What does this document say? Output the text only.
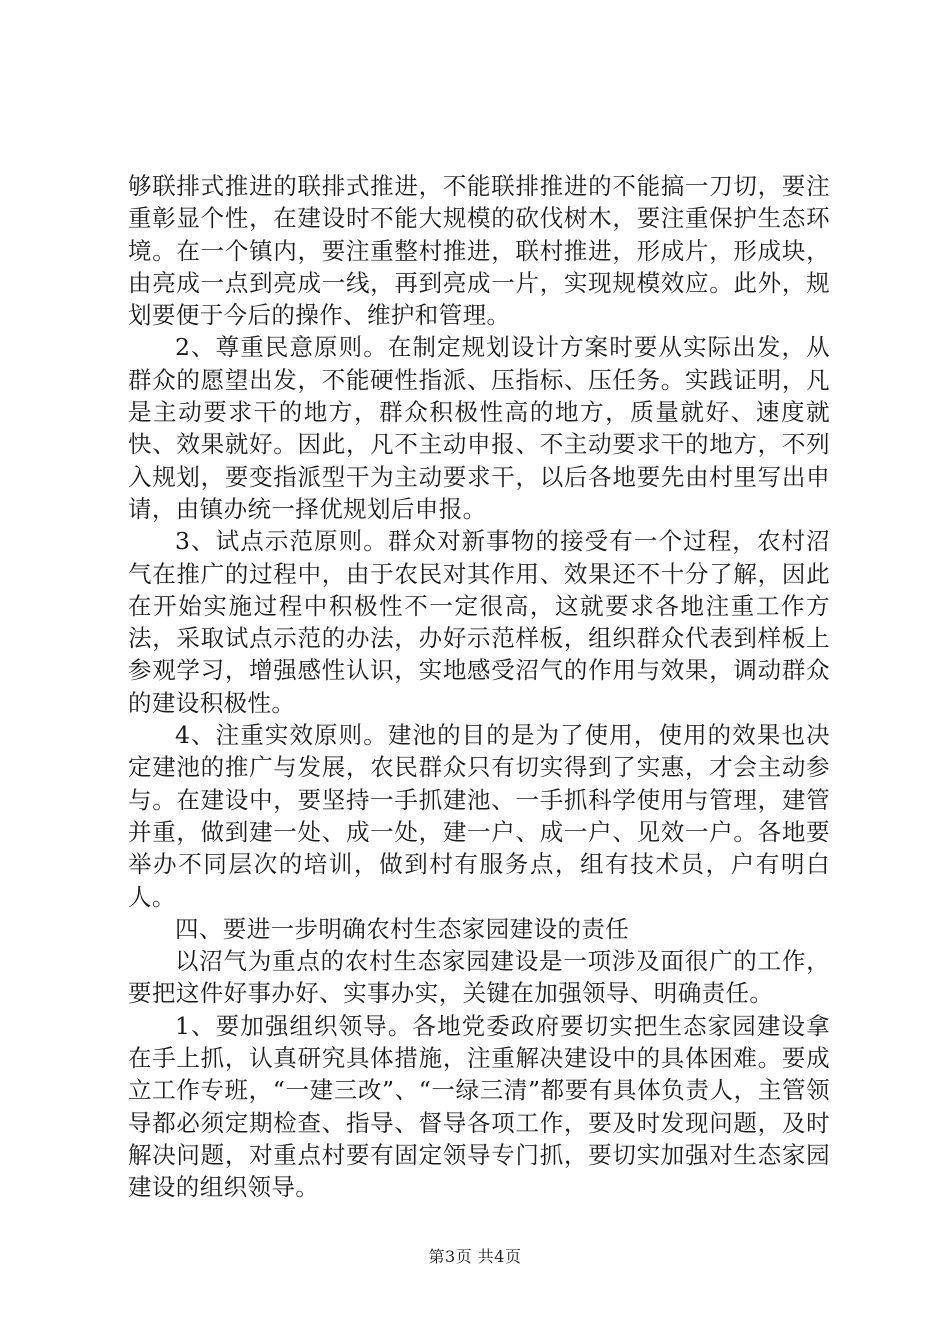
够联排式推进的联排式推进，不能联排推进的不能搞一刀切，要注重彰显个性，在建设时不能大规模的砍伐树木，要注重保护生态环境。在一个镇内，要注重整村推进，联村推进，形成片，形成块，由亮成一点到亮成一线，再到亮成一片，实现规模效应。此外，规划要便于今后的操作、维护和管理。

2、尊重民意原则。在制定规划设计方案时要从实际出发，从群众的愿望出发，不能硬性指派、压指标、压任务。实践证明，凡是主动要求干的地方，群众积极性高的地方，质量就好、速度就快、效果就好。因此，凡不主动申报、不主动要求干的地方，不列入规划，要变指派型干为主动要求干，以后各地要先由村里写出申请，由镇办统一择优规划后申报。

3、试点示范原则。群众对新事物的接受有一个过程，农村沼气在推广的过程中，由于农民对其作用、效果还不十分了解，因此在开始实施过程中积极性不一定很高，这就要求各地注重工作方法，采取试点示范的办法，办好示范样板，组织群众代表到样板上参观学习，增强感性认识，实地感受沼气的作用与效果，调动群众的建设积极性。

4、注重实效原则。建池的目的是为了使用，使用的效果也决定建池的推广与发展，农民群众只有切实得到了实惠，才会主动参与。在建设中，要坚持一手抓建池、一手抓科学使用与管理，建管并重，做到建一处、成一处，建一户、成一户、见效一户。各地要举办不同层次的培训，做到村有服务点，组有技术员，户有明白人。

四、要进一步明确农村生态家园建设的责任

以沼气为重点的农村生态家园建设是一项涉及面很广的工作，要把这件好事办好、实事办实，关键在加强领导、明确责任。

1、要加强组织领导。各地党委政府要切实把生态家园建设拿在手上抓，认真研究具体措施，注重解决建设中的具体困难。要成立工作专班，“一建三改”、“一绿三清”都要有具体负责人，主管领导都必须定期检查、指导、督导各项工作，要及时发现问题，及时解决问题，对重点村要有固定领导专门抓，要切实加强对生态家园建设的组织领导。

第3页 共4页
